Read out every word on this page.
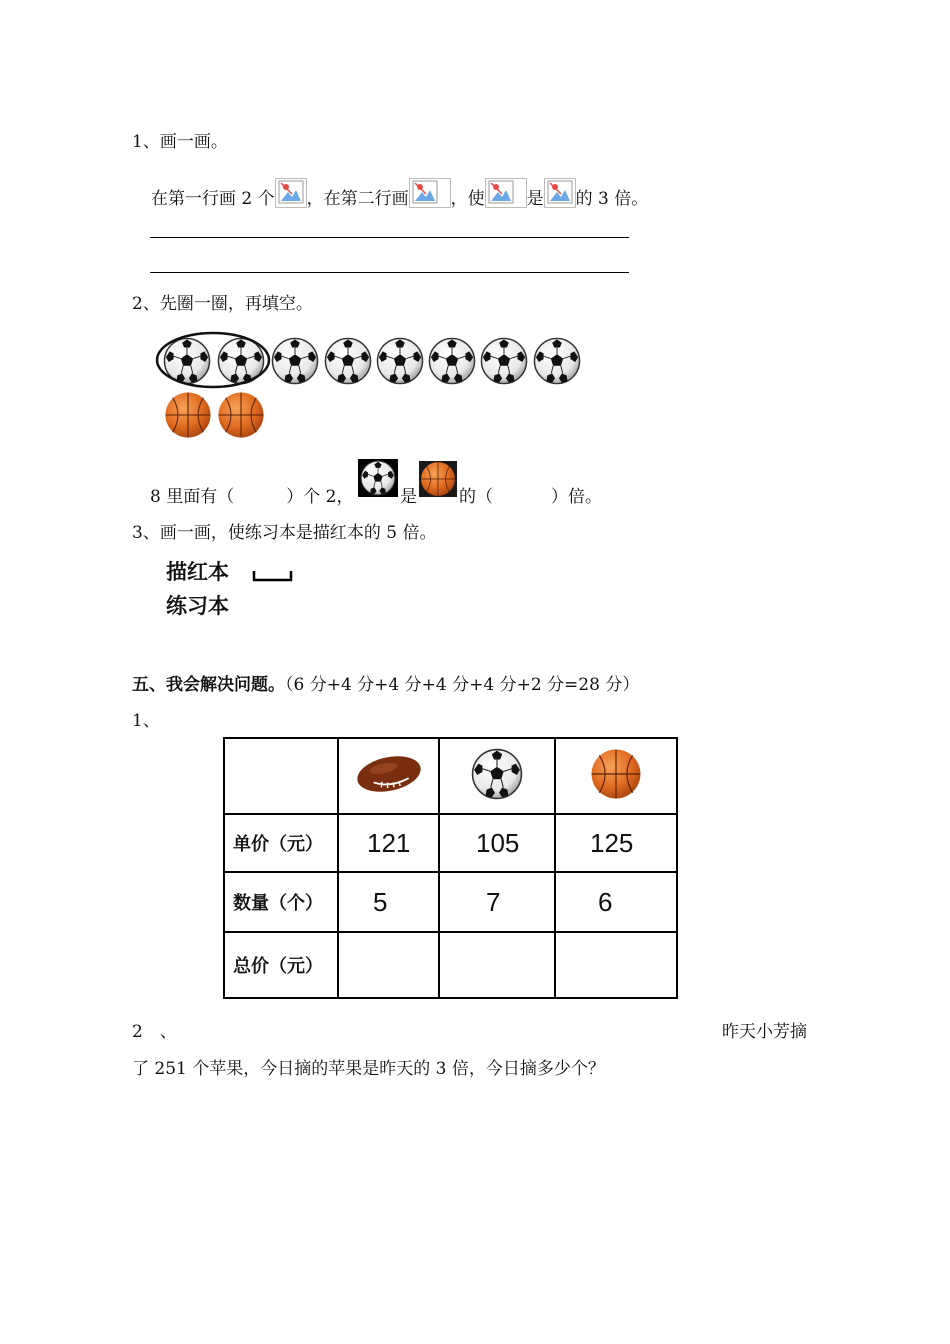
1、画一画。
在第一行画 2 个 ，在第二行画 ，使 是 的 3 倍。
2、先圈一圈，再填空。
8 里面有（	）个 2，	是 的（	）倍。
3、画一画，使练习本是描红本的 5 倍。
描红本
练习本
五、我会解决问题。（6 分+4 分+4 分+4 分+4 分+2 分=28 分）
1、

单价（元）	121	105	125
数量（个）	5	7	6
总价（元）			
2　、	昨天小芳摘
了 251 个苹果，今日摘的苹果是昨天的 3 倍，今日摘多少个？
